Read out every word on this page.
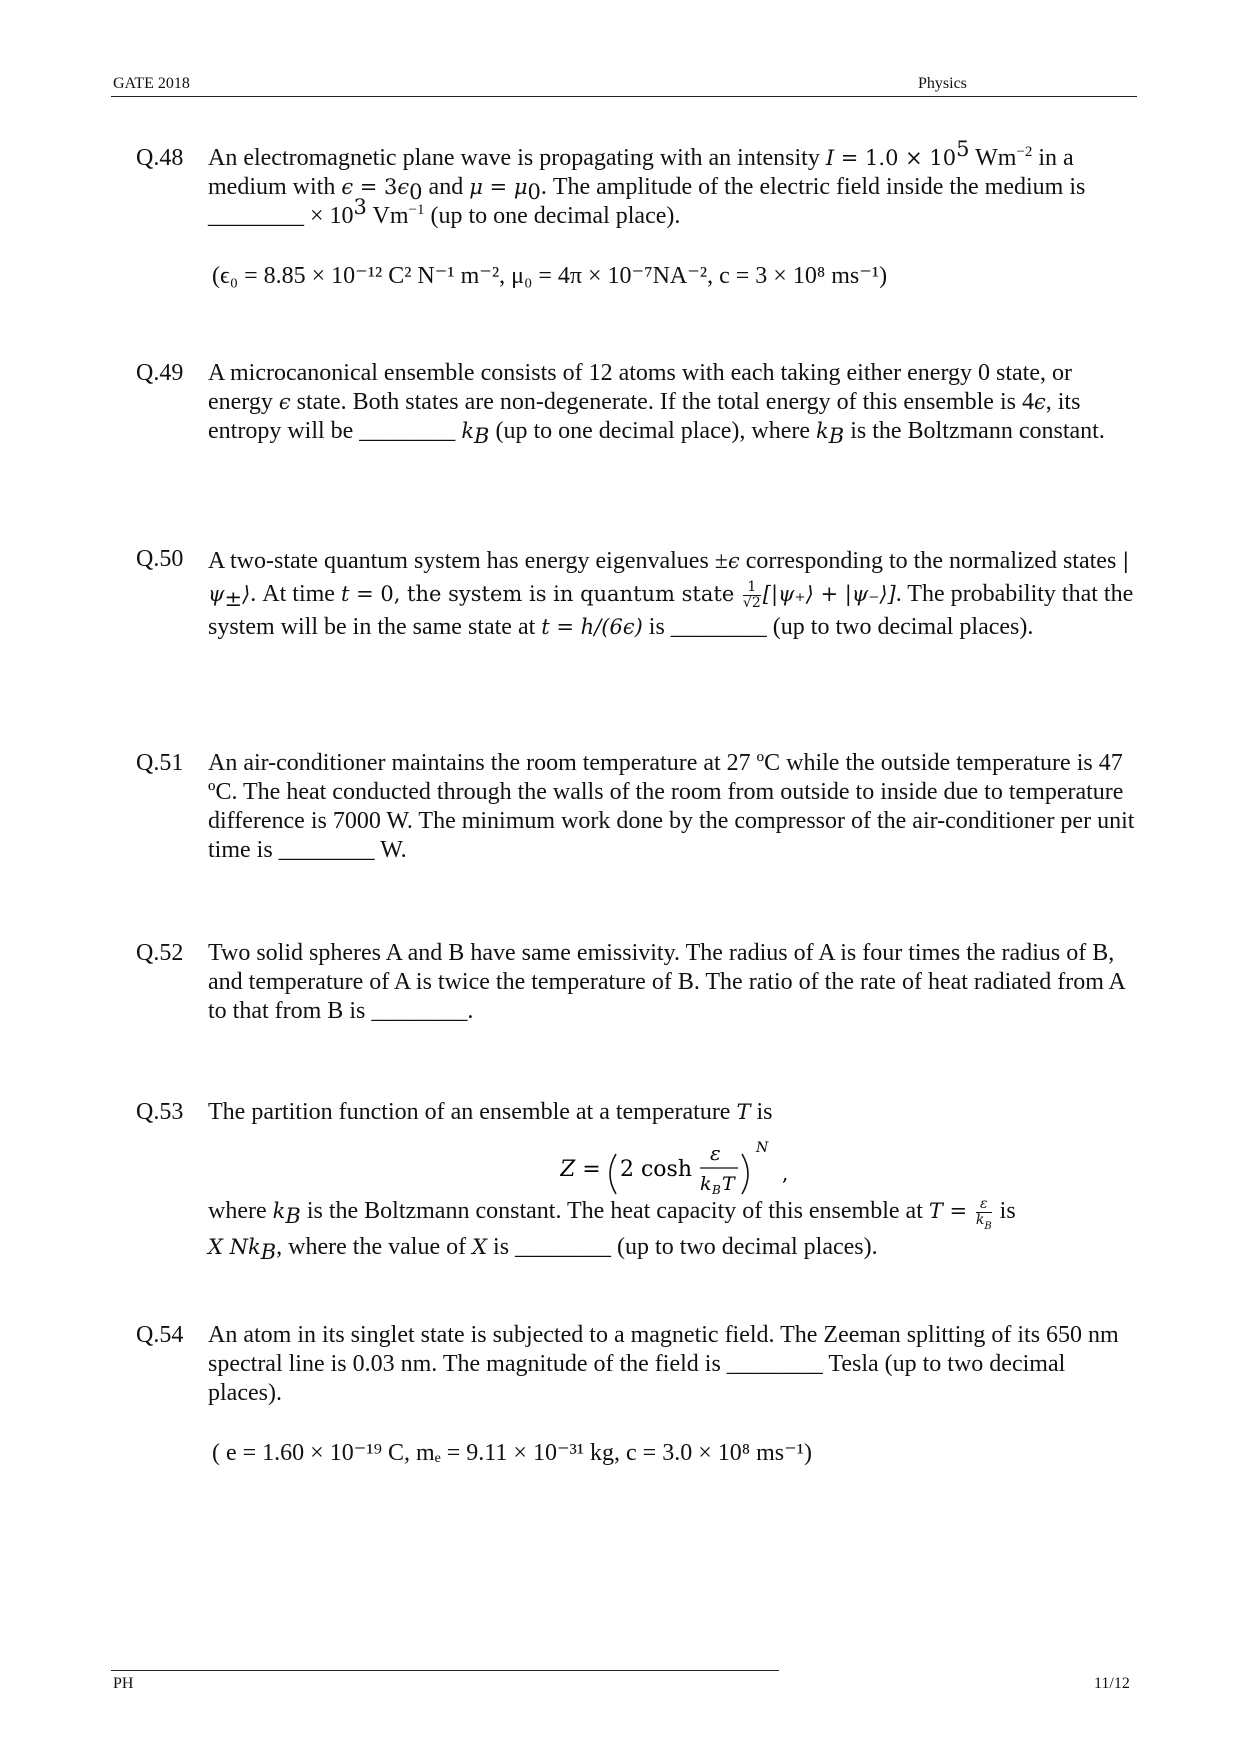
GATE 2018	Physics
Q.48 An electromagnetic plane wave is propagating with an intensity $I = 1.0 \times 10^5$ $Wm^{-2}$ in a medium with $\epsilon = 3\epsilon_0$ and $\mu = \mu_0$. The amplitude of the electric field inside the medium is ________ × $10^3$ $Vm^{-1}$ (up to one decimal place).

(ϵ₀ = 8.85 × 10⁻¹² C² N⁻¹ m⁻², μ₀ = 4π × 10⁻⁷NA⁻², c = 3 × 10⁸ ms⁻¹)
Q.49 A microcanonical ensemble consists of 12 atoms with each taking either energy 0 state, or energy ϵ state. Both states are non-degenerate. If the total energy of this ensemble is 4ϵ, its entropy will be ________ $k_B$ (up to one decimal place), where $k_B$ is the Boltzmann constant.

Q.50 A two-state quantum system has energy eigenvalues ±ϵ corresponding to the normalized states $|\psi_\pm⟩$. At time t = 0, the system is in quantum state $\frac{1}{√2}$ [|ψ₊⟩ + |ψ₋⟩]. The probability that the system will be in the same state at t = h/(6ϵ) is ________ (up to two decimal places).

Q.51 An air-conditioner maintains the room temperature at 27 ºC while the outside temperature is 47 ºC. The heat conducted through the walls of the room from outside to inside due to temperature difference is 7000 W. The minimum work done by the compressor of the air-conditioner per unit time is ________ W.
Q.52 Two solid spheres A and B have same emissivity. The radius of A is four times the radius of B, and temperature of A is twice the temperature of B. The ratio of the rate of heat radiated from A to that from B is ________.
Q.53 The partition function of an ensemble at a temperature T is

where $k_B$ is the Boltzmann constant. The heat capacity of this ensemble at $T = \frac{\varepsilon}{k_B}$ is
X $Nk_B$, where the value of X is ________ (up to two decimal places).

Z = 2 cosh
ε
k B T
N
,
Q.54 An atom in its singlet state is subjected to a magnetic field. The Zeeman splitting of its 650 nm spectral line is 0.03 nm. The magnitude of the field is ________ Tesla (up to two decimal places).
( e = 1.60 × 10⁻¹⁹ C, mₑ = 9.11 × 10⁻³¹ kg, c = 3.0 × 10⁸ ms⁻¹)
PH	11/12
